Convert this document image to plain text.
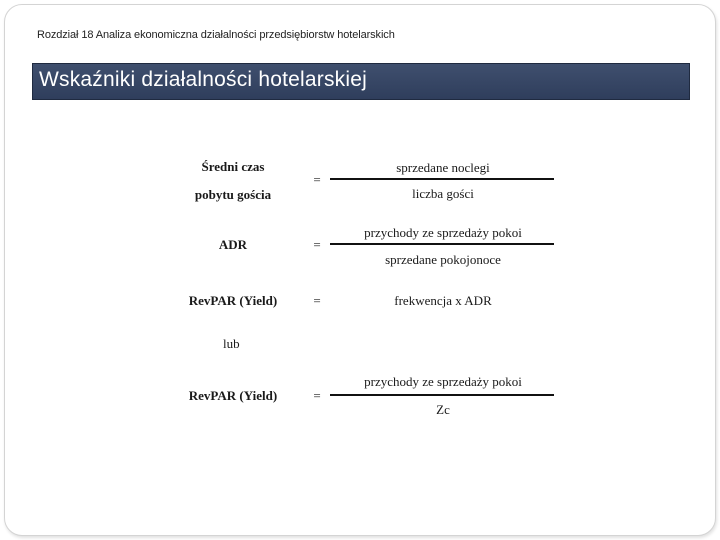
Rozdział 18 Analiza ekonomiczna działalności przedsiębiorstw hotelarskich
Wskaźniki działalności hotelarskiej
Średni czas
pobytu gościa
=
sprzedane noclegi
liczba gości
ADR	=
przychody ze sprzedaży pokoi
sprzedane pokojonoce
RevPAR (Yield)	=	frekwencja x ADR
lub
RevPAR (Yield)	=
przychody ze sprzedaży pokoi
Zc
